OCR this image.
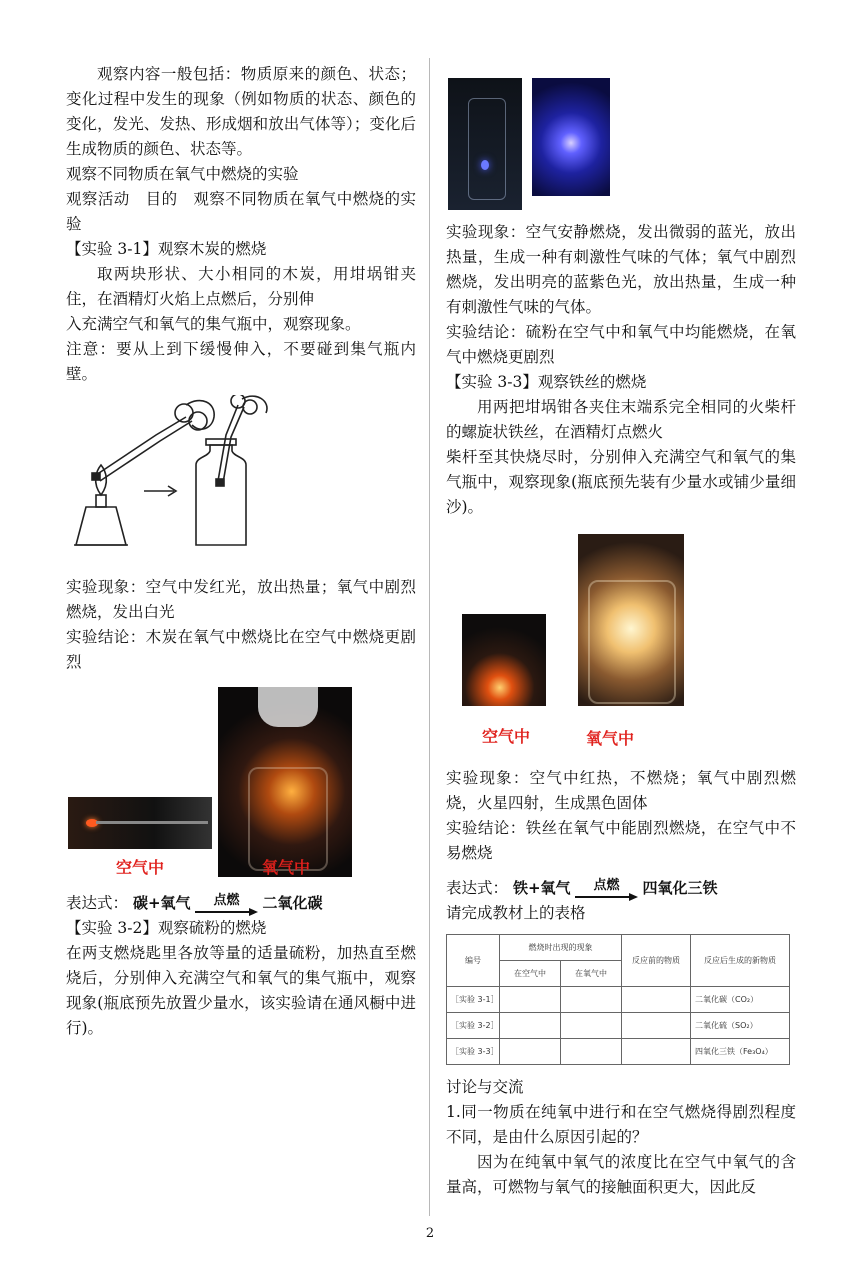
观察内容一般包括：物质原来的颜色、状态；变化过程中发生的现象（例如物质的状态、颜色的变化，发光、发热、形成烟和放出气体等）；变化后生成物质的颜色、状态等。

观察不同物质在氧气中燃烧的实验

观察活动　目的　观察不同物质在氧气中燃烧的实验

【实验 3-1】观察木炭的燃烧

取两块形状、大小相同的木炭，用坩埚钳夹住，在酒精灯火焰上点燃后，分别伸

入充满空气和氧气的集气瓶中，观察现象。

注意：要从上到下缓慢伸入，不要碰到集气瓶内壁。

实验现象：空气中发红光，放出热量；氧气中剧烈燃烧，发出白光

实验结论：木炭在氧气中燃烧比在空气中燃烧更剧烈

空气中	氧气中

表达式： 碳+氧气 点燃 二氧化碳

【实验 3-2】观察硫粉的燃烧

在两支燃烧匙里各放等量的适量硫粉，加热直至燃烧后，分别伸入充满空气和氧气的集气瓶中，观察现象(瓶底预先放置少量水，该实验请在通风橱中进行)。

实验现象：空气安静燃烧，发出微弱的蓝光，放出热量，生成一种有刺激性气味的气体；氧气中剧烈燃烧，发出明亮的蓝紫色光，放出热量，生成一种有刺激性气味的气体。

实验结论：硫粉在空气中和氧气中均能燃烧，在氧气中燃烧更剧烈

【实验 3-3】观察铁丝的燃烧

用两把坩埚钳各夹住末端系完全相同的火柴杆的螺旋状铁丝，在酒精灯点燃火

柴杆至其快烧尽时，分别伸入充满空气和氧气的集气瓶中，观察现象(瓶底预先装有少量水或铺少量细沙)。

空气中	氧气中

实验现象：空气中红热，不燃烧；氧气中剧烈燃烧，火星四射，生成黑色固体

实验结论：铁丝在氧气中能剧烈燃烧，在空气中不易燃烧

表达式： 铁+氧气 点燃 四氧化三铁

请完成教材上的表格

编号	燃烧时出现的现象		反应前的物质	反应后生成的新物质
	在空气中	在氧气中		
［实验 3-1］				二氧化碳（CO₂）
［实验 3-2］				二氧化硫（SO₂）
［实验 3-3］				四氧化三铁（Fe₃O₄）

讨论与交流

1.同一物质在纯氧中进行和在空气燃烧得剧烈程度不同，是由什么原因引起的？

因为在纯氧中氧气的浓度比在空气中氧气的含量高，可燃物与氧气的接触面积更大，因此反

2
